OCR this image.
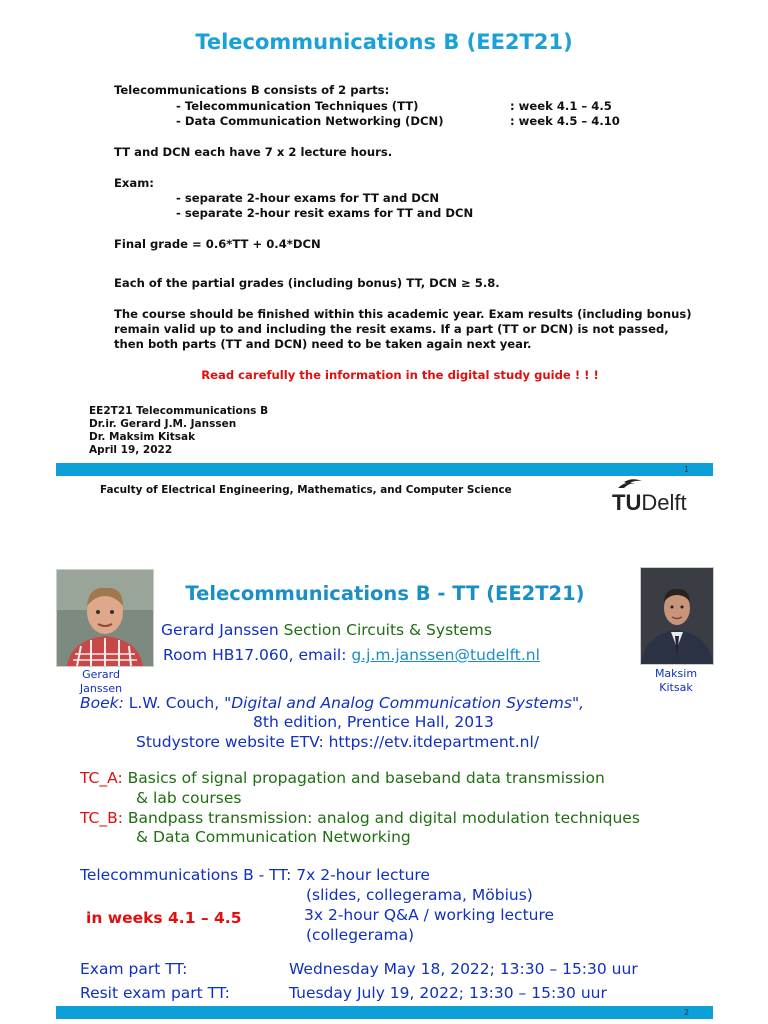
Telecommunications B (EE2T21)
Telecommunications B consists of 2 parts:
- Telecommunication Techniques (TT)	: week 4.1 – 4.5
- Data Communication Networking (DCN)	: week 4.5 – 4.10
TT and DCN each have 7 x 2 lecture hours.
Exam:
- separate 2-hour exams for TT and DCN
- separate 2-hour resit exams for TT and DCN
Final grade = 0.6*TT + 0.4*DCN
Each of the partial grades (including bonus) TT, DCN ≥ 5.8.
The course should be finished within this academic year. Exam results (including bonus)
remain valid up to and including the resit exams. If a part (TT or DCN) is not passed,
then both parts (TT and DCN) need to be taken again next year.
Read carefully the information in the digital study guide ! ! !
EE2T21 Telecommunications B
Dr.ir. Gerard J.M. Janssen
Dr. Maksim Kitsak
April 19, 2022
1
Faculty of Electrical Engineering, Mathematics, and Computer Science	TUDelft
Gerard
Janssen
Maksim
Kitsak
Telecommunications B - TT (EE2T21)
Gerard Janssen Section Circuits & Systems
Room HB17.060, email: g.j.m.janssen@tudelft.nl
Boek: L.W. Couch, "Digital and Analog Communication Systems",
8th edition, Prentice Hall, 2013
Studystore website ETV: https://etv.itdepartment.nl/
TC_A: Basics of signal propagation and baseband data transmission
& lab courses
TC_B: Bandpass transmission: analog and digital modulation techniques
& Data Communication Networking
Telecommunications B - TT: 7x 2-hour lecture
(slides, collegerama, Möbius)
in weeks 4.1 – 4.5	3x 2-hour Q&A / working lecture
(collegerama)
Exam part TT:	Wednesday May 18, 2022; 13:30 – 15:30 uur
Resit exam part TT:	Tuesday July 19, 2022; 13:30 – 15:30 uur
2
